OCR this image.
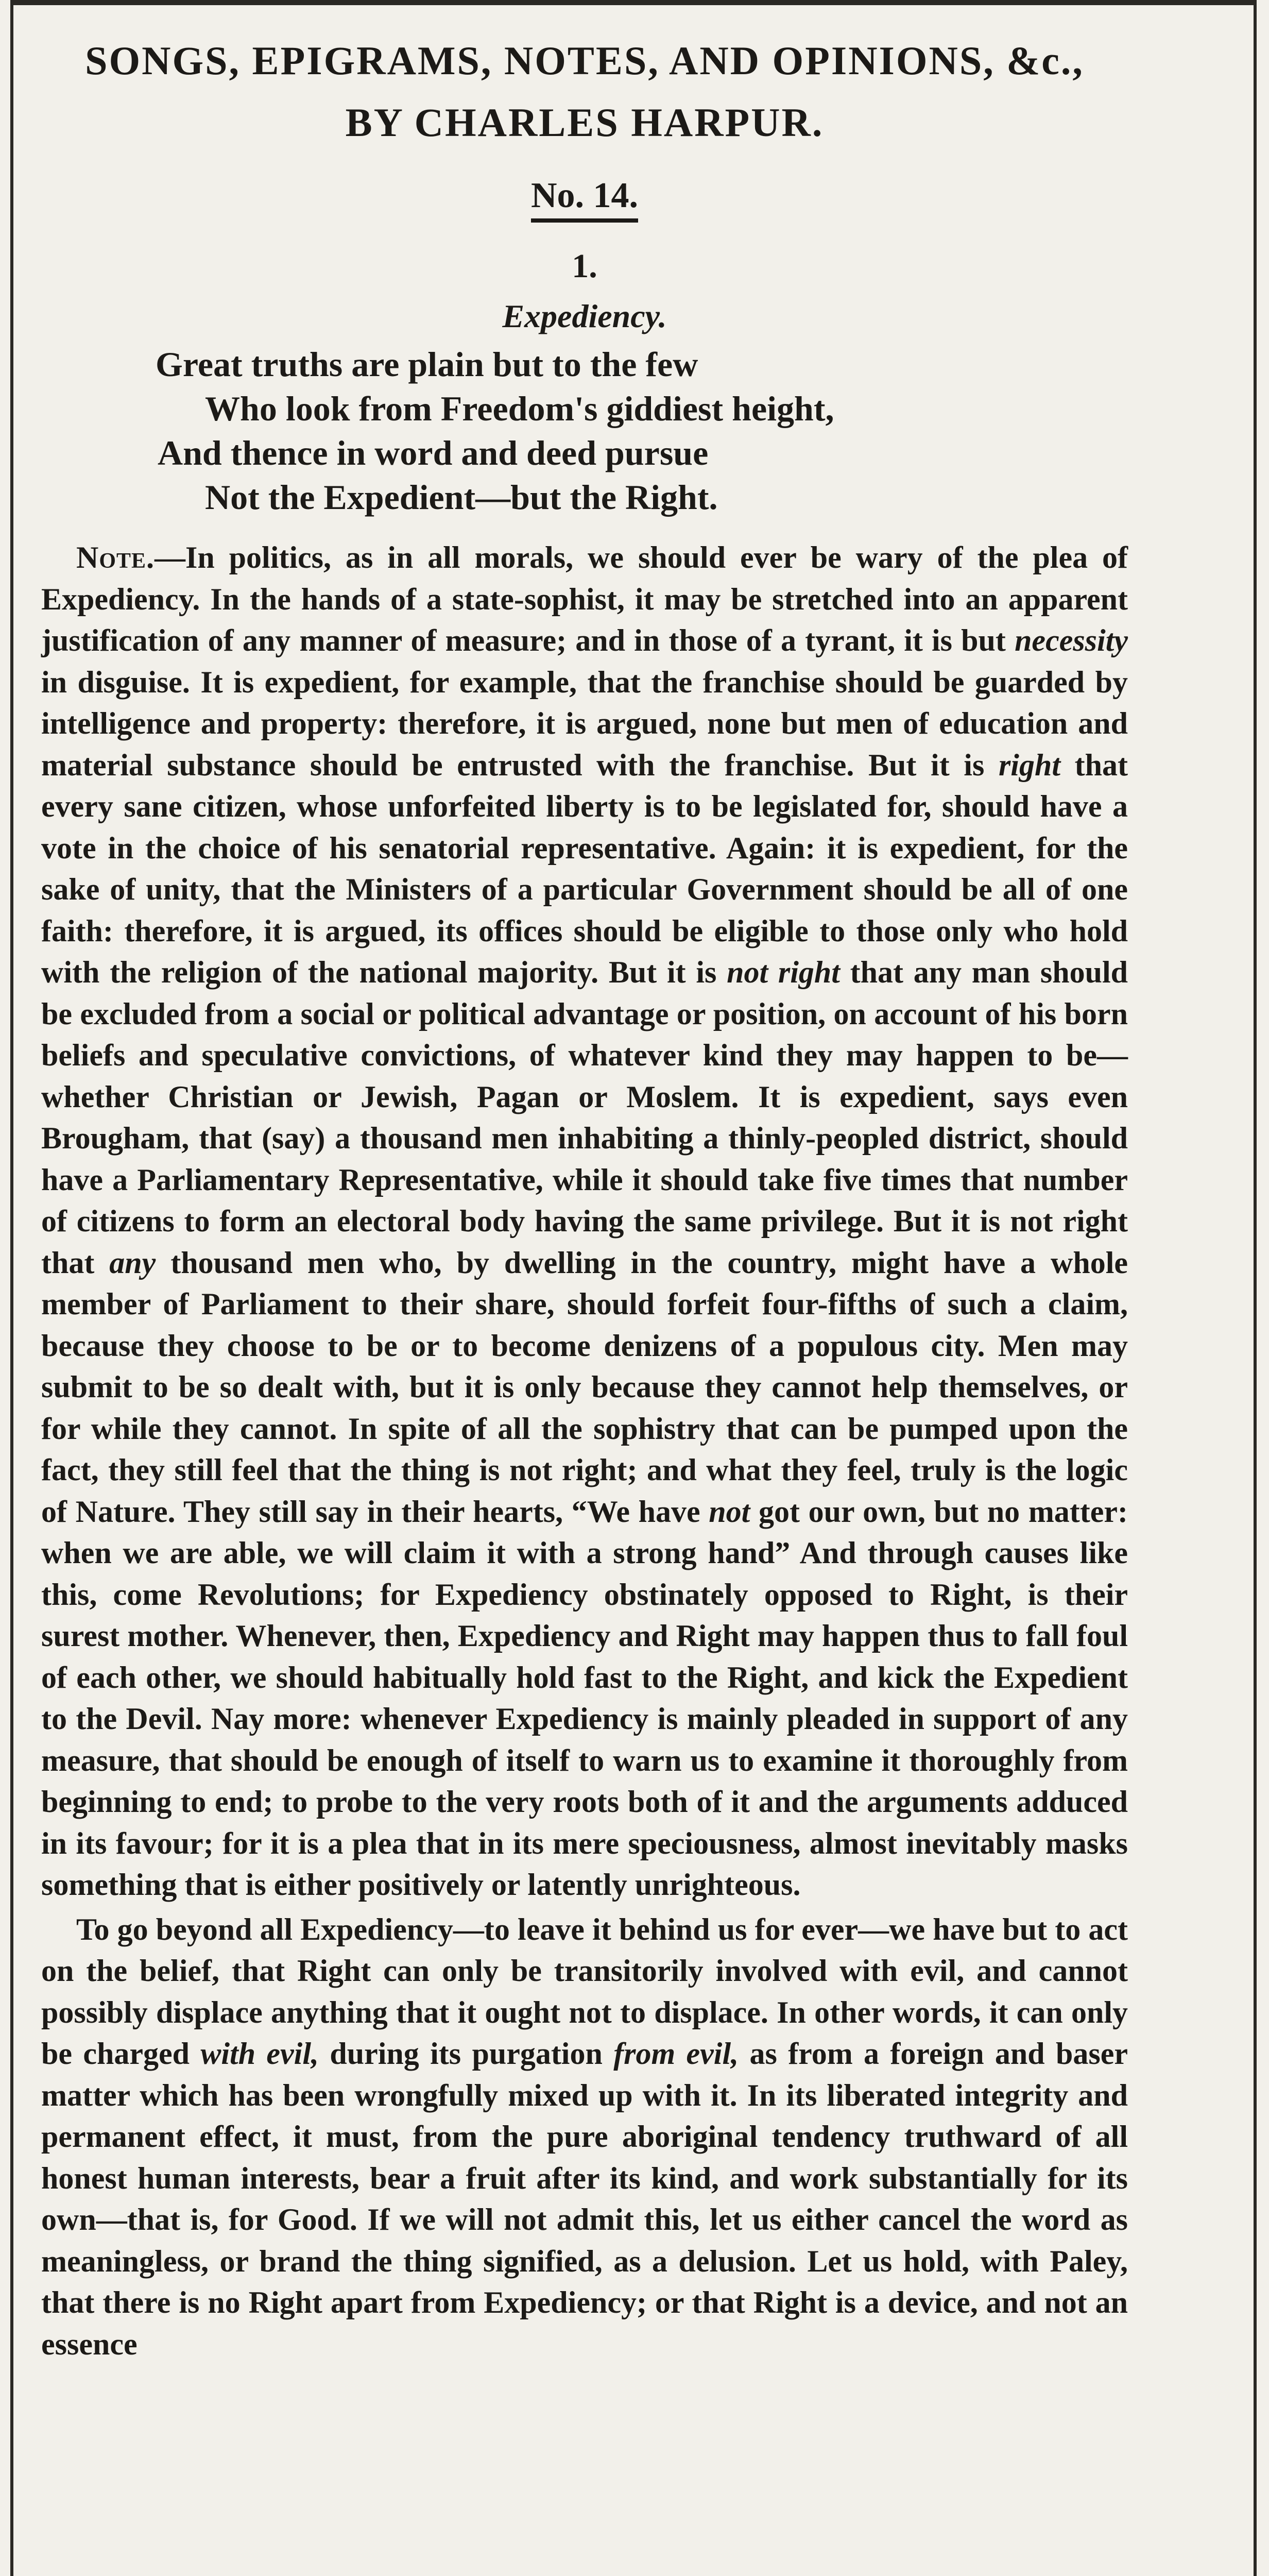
SONGS, EPIGRAMS, NOTES, AND OPINIONS, &c.,

BY CHARLES HARPUR.

No. 14.

1.

Expediency.

Great truths are plain but to the few
Who look from Freedom's giddiest height,
And thence in word and deed pursue
Not the Expedient—but the Right.

Note.—In politics, as in all morals, we should ever be wary of the plea of Expediency. In the hands of a state-sophist, it may be stretched into an apparent justification of any manner of measure; and in those of a tyrant, it is but necessity in disguise. It is expedient, for example, that the franchise should be guarded by intelligence and property: therefore, it is argued, none but men of education and material substance should be entrusted with the franchise. But it is right that every sane citizen, whose unforfeited liberty is to be legislated for, should have a vote in the choice of his senatorial representative. Again: it is expedient, for the sake of unity, that the Ministers of a particular Government should be all of one faith: therefore, it is argued, its offices should be eligible to those only who hold with the religion of the national majority. But it is not right that any man should be excluded from a social or political advantage or position, on account of his born beliefs and speculative convictions, of whatever kind they may happen to be—whether Christian or Jewish, Pagan or Moslem. It is expedient, says even Brougham, that (say) a thousand men inhabiting a thinly-peopled district, should have a Parliamentary Representative, while it should take five times that number of citizens to form an electoral body having the same privilege. But it is not right that any thousand men who, by dwelling in the country, might have a whole member of Parliament to their share, should forfeit four-fifths of such a claim, because they choose to be or to become denizens of a populous city. Men may submit to be so dealt with, but it is only because they cannot help themselves, or for while they cannot. In spite of all the sophistry that can be pumped upon the fact, they still feel that the thing is not right; and what they feel, truly is the logic of Nature. They still say in their hearts, “We have not got our own, but no matter: when we are able, we will claim it with a strong hand” And through causes like this, come Revolutions; for Expediency obstinately opposed to Right, is their surest mother. Whenever, then, Expediency and Right may happen thus to fall foul of each other, we should habitually hold fast to the Right, and kick the Expedient to the Devil. Nay more: whenever Expediency is mainly pleaded in support of any measure, that should be enough of itself to warn us to examine it thoroughly from beginning to end; to probe to the very roots both of it and the arguments adduced in its favour; for it is a plea that in its mere speciousness, almost inevitably masks something that is either positively or latently unrighteous.

To go beyond all Expediency—to leave it behind us for ever—we have but to act on the belief, that Right can only be transitorily involved with evil, and cannot possibly displace anything that it ought not to displace. In other words, it can only be charged with evil, during its purgation from evil, as from a foreign and baser matter which has been wrongfully mixed up with it. In its liberated integrity and permanent effect, it must, from the pure aboriginal tendency truthward of all honest human interests, bear a fruit after its kind, and work substantially for its own—that is, for Good. If we will not admit this, let us either cancel the word as meaningless, or brand the thing signified, as a delusion. Let us hold, with Paley, that there is no Right apart from Expediency; or that Right is a device, and not an essence
